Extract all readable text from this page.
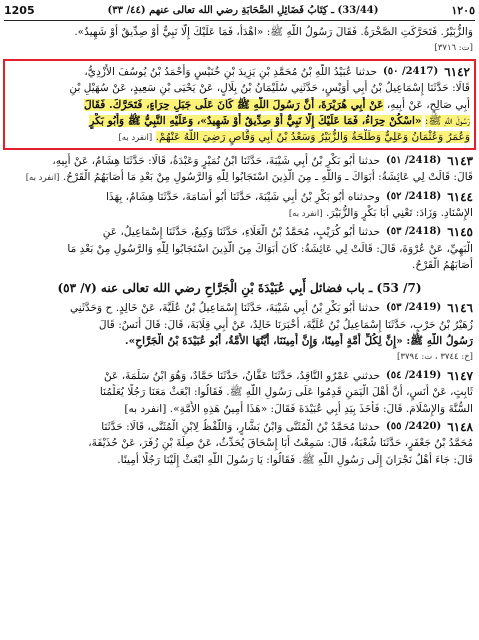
1205	(33/44) ـ كِتَابُ فَضَائِلِ الصَّحَابَةِ رضي الله تعالى عنهم (٤٤/ ٣٣)	١٢٠٥
وَالزُّبَيْرُ. فَتَحَرَّكَتِ الصَّخْرَةُ. فَقَالَ رَسُولُ اللَّهِ ﷺ: «اهْدَأْ، فَمَا عَلَيْكَ إِلَّا نَبِيٌّ أَوْ صِدِّيقٌ أَوْ شَهِيدٌ».
[ت: ٣٧١٦]
٦١٤٢
(2417/ ٥٠)
حدثنا عُبَيْدُ اللَّهِ بْنُ مُحَمَّدِ بْنِ يَزِيدَ بْنِ خُنَيْسٍ وَأَحْمَدُ بْنُ يُوسُفَ الأَزْدِيُّ،
قَالَا: حَدَّثَنَا إِسْمَاعِيلُ بْنُ أَبِي أُوَيْسٍ، حَدَّثَنِي سُلَيْمَانُ بْنُ بِلَالٍ، عَنْ يَحْيَى بْنِ سَعِيدٍ، عَنْ سُهَيْلِ بْنِ
أَبِي صَالِحٍ، عَنْ أَبِيهِ، عَنْ أَبِي هُرَيْرَةَ، أَنَّ رَسُولَ اللَّهِ ﷺ كَانَ عَلَى جَبَلِ حِرَاءٍ، فَتَحَرَّكَ. فَقَالَ
رَسُولَ اللَّهِ ﷺ: «اسْكُنْ حِرَاءُ، فَمَا عَلَيْكَ إِلَّا نَبِيٌّ أَوْ صِدِّيقٌ أَوْ شَهِيدٌ»، وَعَلَيْهِ النَّبِيُّ ﷺ وَأَبُو بَكْرٍ
وَعُمَرُ وَعُثْمَانُ وَعَلِيٌّ وَطَلْحَةُ وَالزُّبَيْرُ وَسَعْدُ بْنُ أَبِي وَقَّاصٍ رَضِيَ اللَّهُ عَنْهُمْ. [انفرد به]
٦١٤٣
(2418/ ٥١)
حدثنا أَبُو بَكْرِ بْنُ أَبِي شَيْبَةَ، حَدَّثَنَا ابْنُ نُمَيْرٍ وَعَبْدَةُ، قَالَا: حَدَّثَنَا هِشَامٌ، عَنْ أَبِيهِ،
قَالَ: قَالَتْ لِي عَائِشَةُ: أَبَوَاكَ ـ وَاللَّهِ ـ مِنَ الَّذِينَ اسْتَجَابُوا لِلَّهِ وَالرَّسُولِ مِنْ بَعْدِ مَا أَصَابَهُمُ الْقَرْحُ. [انفرد به]
٦١٤٤
(2418/ ٥٢)
وحدثناه أَبُو بَكْرِ بْنُ أَبِي شَيْبَةَ، حَدَّثَنَا أَبُو أُسَامَةَ، حَدَّثَنَا هِشَامٌ، بِهَذَا
الإِسْنَادِ. وَزَادَ: تَعْنِي أَبَا بَكْرٍ وَالزُّبَيْرَ. [انفرد به]
٦١٤٥
(2418/ ٥٣)
حدثنا أَبُو كُرَيْبٍ، مُحَمَّدُ بْنُ الْعَلَاءِ، حَدَّثَنَا وَكِيعٌ، حَدَّثَنَا إِسْمَاعِيلُ، عَنِ
الْبَهِيِّ، عَنْ عُرْوَةَ، قَالَ: قَالَتْ لِي عَائِشَةُ: كَانَ أَبَوَاكَ مِنَ الَّذِينَ اسْتَجَابُوا لِلَّهِ وَالرَّسُولِ مِنْ بَعْدِ مَا
أَصَابَهُمُ الْقَرْحُ.
(7/ 53) ـ باب فضائل أَبِي عُبَيْدَةَ بْنِ الْجَرَّاحِ رضي الله تعالى عنه (٧/ ٥٣)
٦١٤٦
(2419/ ٥٣)
حدثنا أَبُو بَكْرِ بْنُ أَبِي شَيْبَةَ، حَدَّثَنَا إِسْمَاعِيلُ بْنُ عُلَيَّةَ، عَنْ خَالِدٍ. ح وَحَدَّثَنِي
زُهَيْرُ بْنُ حَرْبٍ، حَدَّثَنَا إِسْمَاعِيلُ بْنُ عُلَيَّةَ، أَخْبَرَنَا خَالِدٌ، عَنْ أَبِي قِلَابَةَ، قَالَ: قَالَ أَنَسٌ: قَالَ
رَسُولُ اللَّهِ ﷺ: «إِنَّ لِكُلِّ أُمَّةٍ أَمِينًا، وَإِنَّ أَمِينَنَا، أَيَّتُهَا الأُمَّةُ، أَبُو عُبَيْدَةَ بْنُ الْجَرَّاحِ».
[خ: ٣٧٤٤ ، ت: ٣٧٩٤]
٦١٤٧
(2419/ ٥٤)
حدثني عَمْرٌو النَّاقِدُ، حَدَّثَنَا عَفَّانُ، حَدَّثَنَا حَمَّادٌ، وَهُوَ ابْنُ سَلَمَةَ، عَنْ
ثَابِتٍ، عَنْ أَنَسٍ، أَنَّ أَهْلَ الْيَمَنِ قَدِمُوا عَلَى رَسُولِ اللَّهِ ﷺ. فَقَالُوا: ابْعَثْ مَعَنَا رَجُلًا يُعَلِّمُنَا
السُّنَّةَ وَالإِسْلَامَ. قَالَ: فَأَخَذَ بِيَدِ أَبِي عُبَيْدَةَ فَقَالَ: «هَذَا أَمِينُ هَذِهِ الأُمَّةِ». [انفرد به]
٦١٤٨
(2420/ ٥٥)
حدثنا مُحَمَّدُ بْنُ الْمُثَنَّى وَابْنُ بَشَّارٍ، وَاللَّفْظُ لِابْنِ الْمُثَنَّى، قَالَا: حَدَّثَنَا
مُحَمَّدُ بْنُ جَعْفَرٍ، حَدَّثَنَا شُعْبَةُ، قَالَ: سَمِعْتُ أَبَا إِسْحَاقَ يُحَدِّثُ، عَنْ صِلَةَ بْنِ زُفَرَ، عَنْ حُذَيْفَةَ،
قَالَ: جَاءَ أَهْلُ نَجْرَانَ إِلَى رَسُولِ اللَّهِ ﷺ. فَقَالُوا: يَا رَسُولَ اللَّهِ ابْعَثْ إِلَيْنَا رَجُلًا أَمِينًا.
